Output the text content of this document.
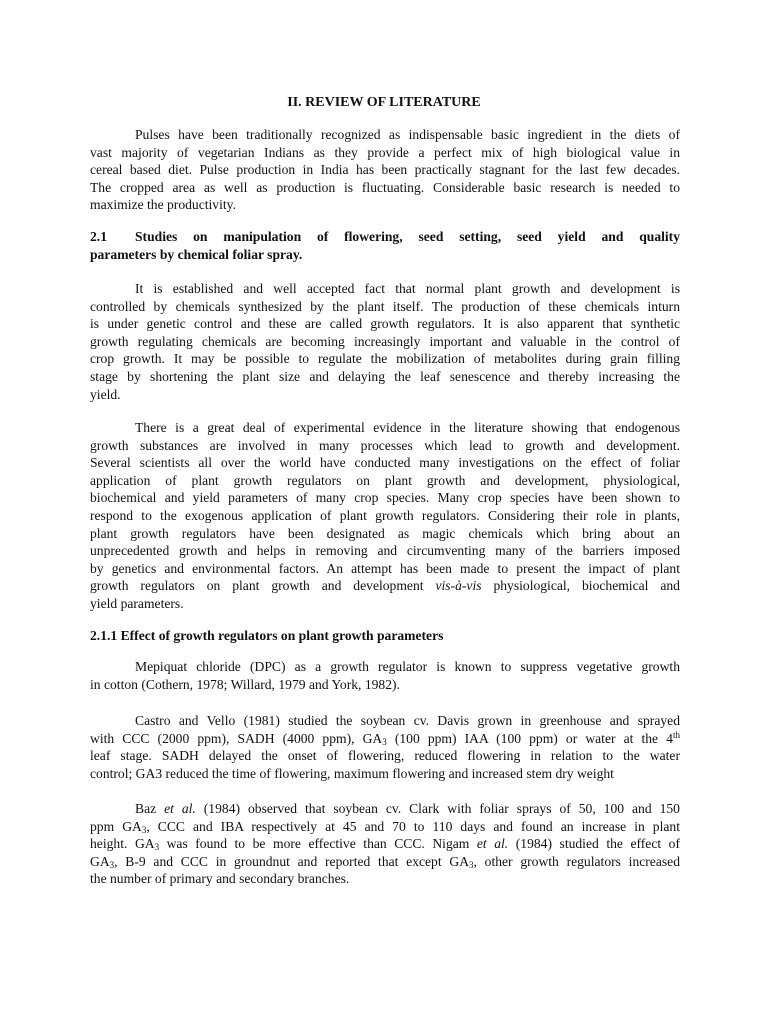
II. REVIEW OF LITERATURE
Pulses have been traditionally recognized as indispensable basic ingredient in the diets of
vast majority of vegetarian Indians as they provide a perfect mix of high biological value in
cereal based diet. Pulse production in India has been practically stagnant for the last few decades.
The cropped area as well as production is fluctuating. Considerable basic research is needed to
maximize the productivity.
2.1 Studies on manipulation of flowering, seed setting, seed yield and quality
parameters by chemical foliar spray.
It is established and well accepted fact that normal plant growth and development is
controlled by chemicals synthesized by the plant itself. The production of these chemicals inturn
is under genetic control and these are called growth regulators. It is also apparent that synthetic
growth regulating chemicals are becoming increasingly important and valuable in the control of
crop growth. It may be possible to regulate the mobilization of metabolites during grain filling
stage by shortening the plant size and delaying the leaf senescence and thereby increasing the
yield.
There is a great deal of experimental evidence in the literature showing that endogenous
growth substances are involved in many processes which lead to growth and development.
Several scientists all over the world have conducted many investigations on the effect of foliar
application of plant growth regulators on plant growth and development, physiological,
biochemical and yield parameters of many crop species. Many crop species have been shown to
respond to the exogenous application of plant growth regulators. Considering their role in plants,
plant growth regulators have been designated as magic chemicals which bring about an
unprecedented growth and helps in removing and circumventing many of the barriers imposed
by genetics and environmental factors. An attempt has been made to present the impact of plant
growth regulators on plant growth and development vis-à-vis physiological, biochemical and
yield parameters.
2.1.1 Effect of growth regulators on plant growth parameters
Mepiquat chloride (DPC) as a growth regulator is known to suppress vegetative growth
in cotton (Cothern, 1978; Willard, 1979 and York, 1982).
Castro and Vello (1981) studied the soybean cv. Davis grown in greenhouse and sprayed
with CCC (2000 ppm), SADH (4000 ppm), $GA_3$ (100 ppm) IAA (100 ppm) or water at the 4th
leaf stage. SADH delayed the onset of flowering, reduced flowering in relation to the water
control; GA3 reduced the time of flowering, maximum flowering and increased stem dry weight
Baz et al. (1984) observed that soybean cv. Clark with foliar sprays of 50, 100 and 150
ppm $GA_3$, CCC and IBA respectively at 45 and 70 to 110 days and found an increase in plant
height. $GA_3$ was found to be more effective than CCC. Nigam et al. (1984) studied the effect of
$GA_3$, B-9 and CCC in groundnut and reported that except $GA_3$, other growth regulators increased
the number of primary and secondary branches.
